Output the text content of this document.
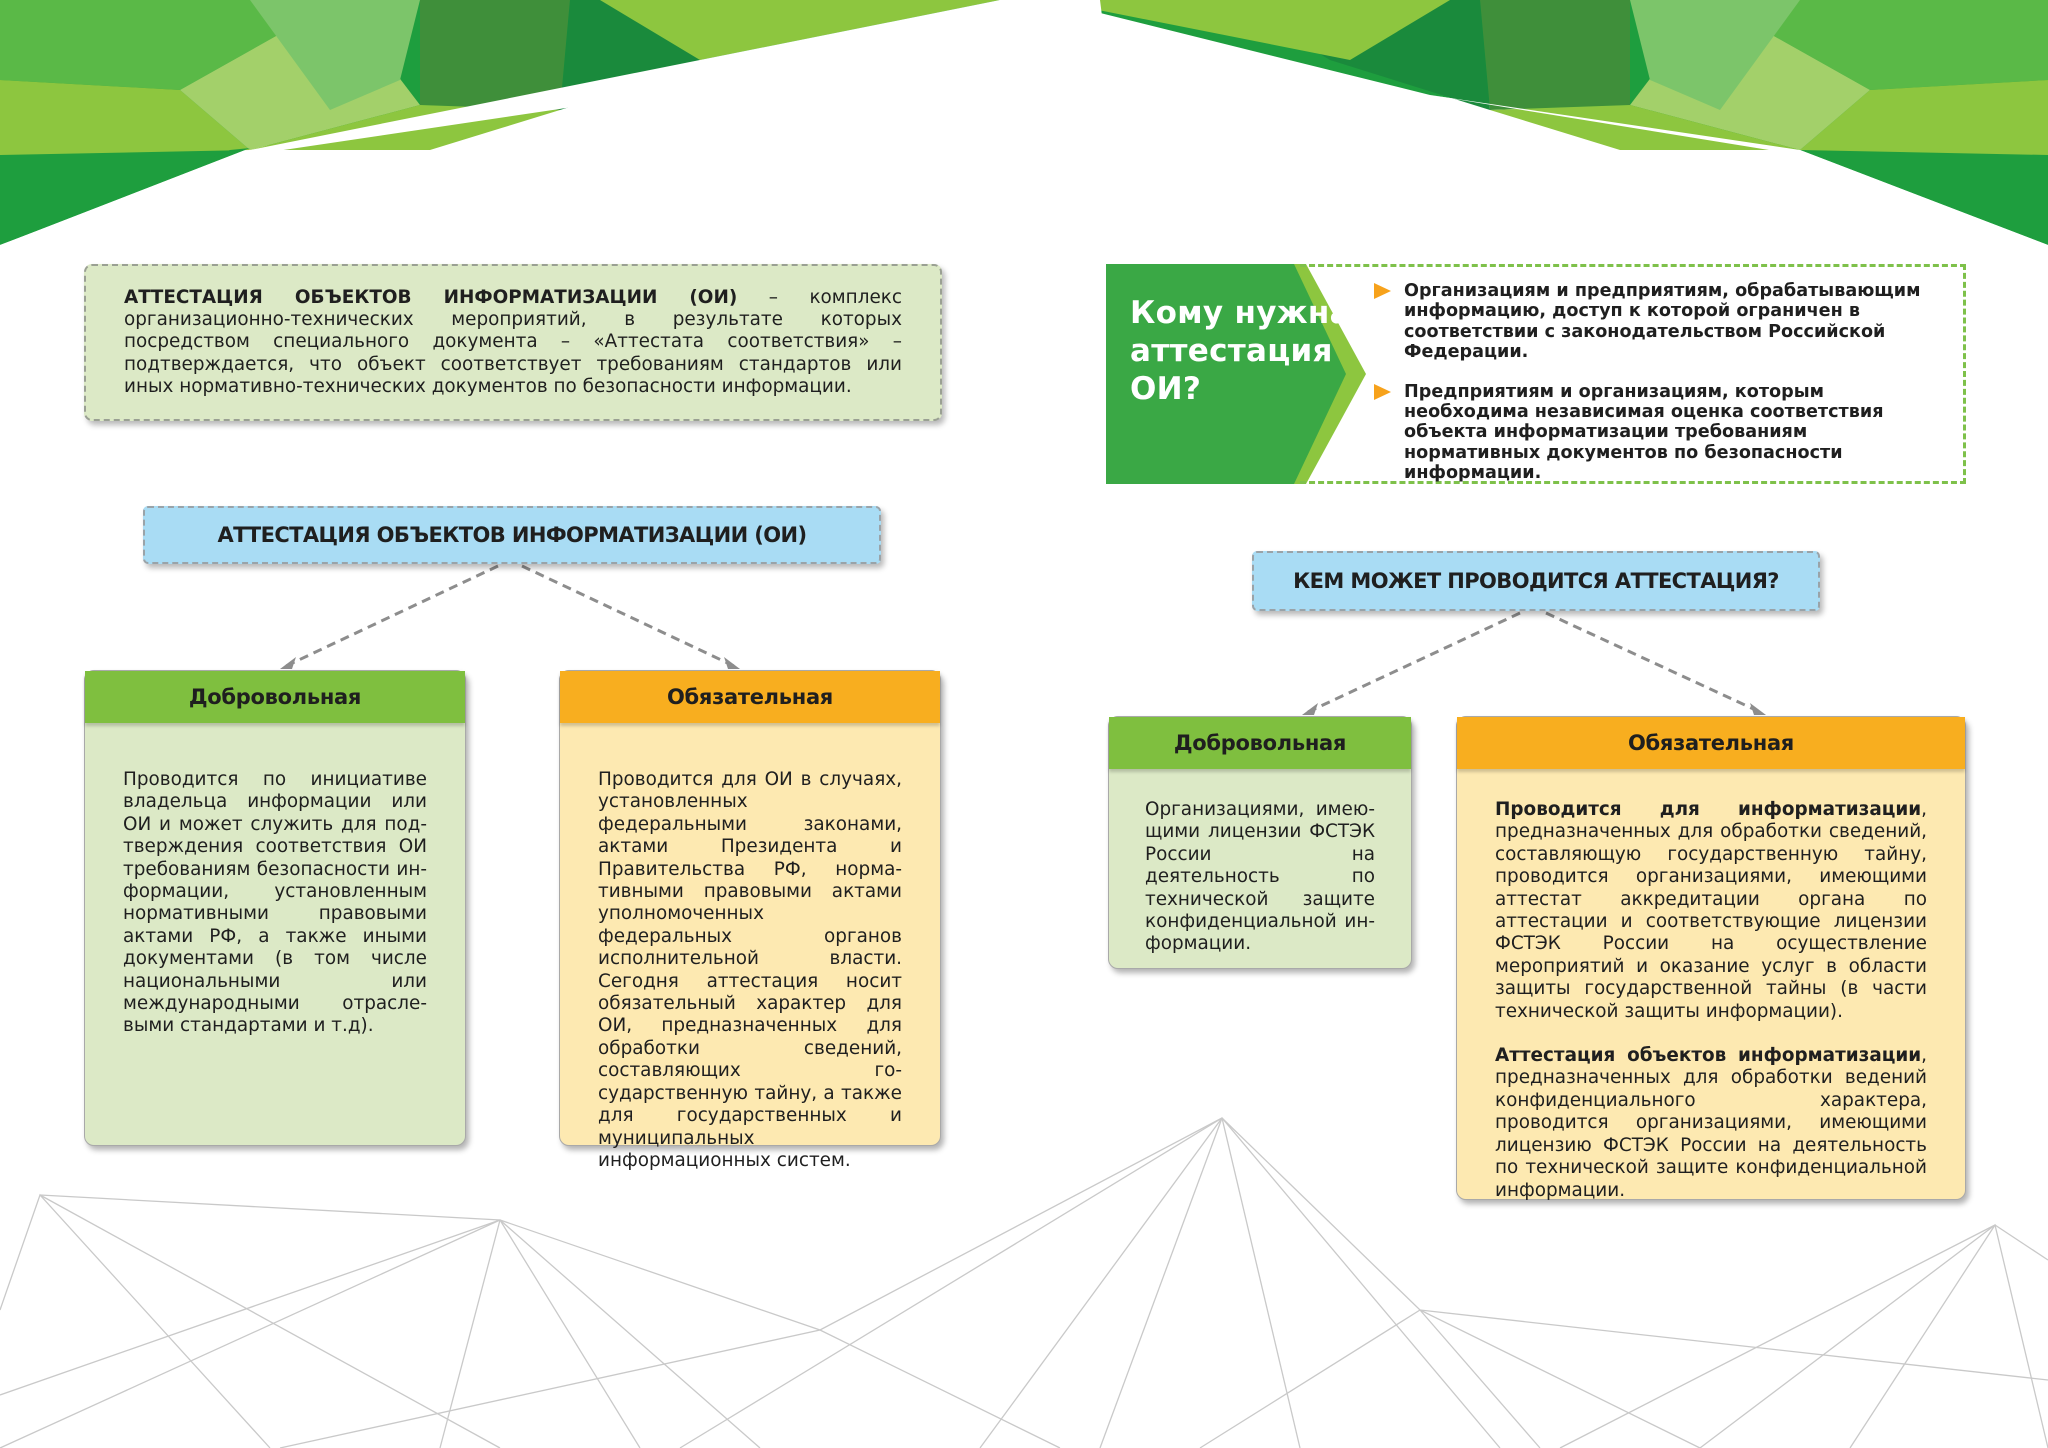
АТТЕСТАЦИЯ ОБЪЕКТОВ ИНФОРМАТИЗАЦИИ (ОИ) – комплекс организационно-технических мероприятий, в результате которых посредством специального документа – «Аттестата соответствия» – подтверждается, что объект соответствует требованиям стандартов или иных нормативно-технических документов по безопасности информации.
АТТЕСТАЦИЯ ОБЪЕКТОВ ИНФОРМАТИЗАЦИИ (ОИ)
Добровольная
Проводится по инициативе владельца информации или ОИ и может служить для подтверждения соответствия ОИ требованиям безопасности информации, установленным нормативными правовыми актами РФ, а также иными документами (в том числе национальными или международными отраслевыми стандартами и т.д).
Обязательная
Проводится для ОИ в случаях, установленных федеральными законами, актами Президента и Правительства РФ, нормативными правовыми актами уполномоченных федеральных органов исполнительной власти. Сегодня аттестация носит обязательный характер для ОИ, предназначенных для обработки сведений, составляющих государственную тайну, а также для государственных и муниципальных информационных систем.
Кому нужна аттестация ОИ?
Организациям и предприятиям, обрабатывающим информацию, доступ к которой ограничен в соответствии с законодательством Российской Федерации.
Предприятиям и организациям, которым необходима независимая оценка соответствия объекта информатизации требованиям нормативных документов по безопасности информации.
КЕМ МОЖЕТ ПРОВОДИТСЯ АТТЕСТАЦИЯ?
Добровольная
Организациями, имеющими лицензии ФСТЭК России на деятельность по технической защите конфиденциальной информации.
Обязательная
Проводится для информатизации, предназначенных для обработки сведений, составляющую государственную тайну, проводится организациями, имеющими аттестат аккредитации органа по аттестации и соответствующие лицензии ФСТЭК России на осуществление мероприятий и оказание услуг в области защиты государственной тайны (в части технической защиты информации).
Аттестация объектов информатизации, предназначенных для обработки ведений конфиденциального характера, проводится организациями, имеющими лицензию ФСТЭК России на деятельность по технической защите конфиденциальной информации.
